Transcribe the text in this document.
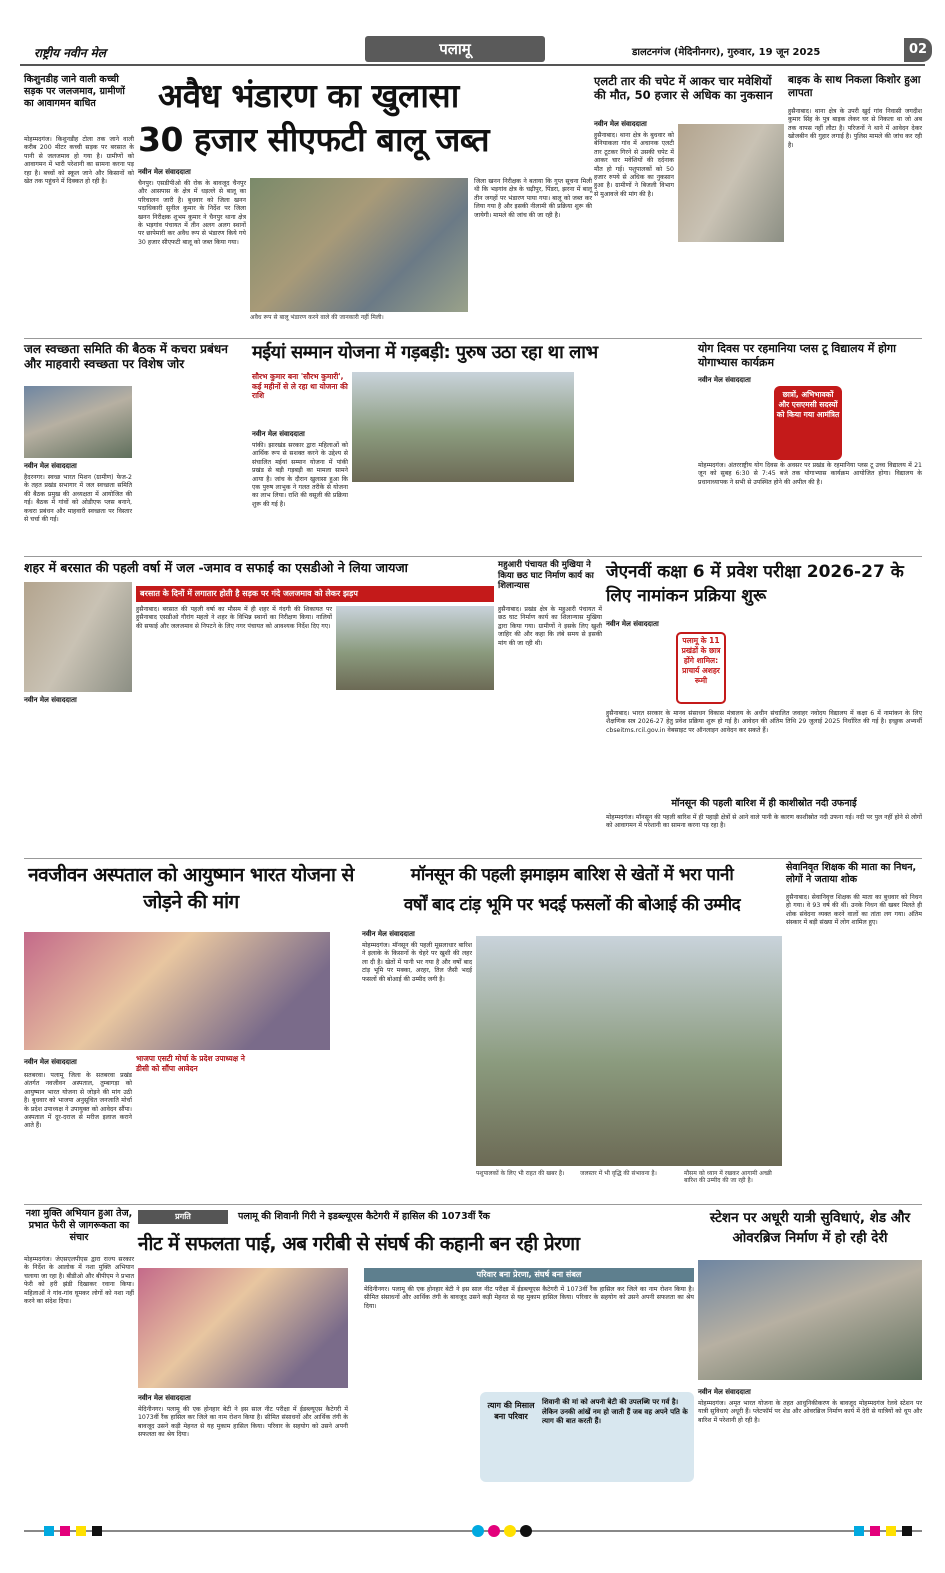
राष्ट्रीय नवीन मेल	पलामू	डालटनगंज (मेदिनीनगर), गुरुवार, 19 जून 2025	02
किशुनडीह जाने वाली कच्ची सड़क पर जलजमाव, ग्रामीणों का आवागमन बाधित
मोहम्मदगंज। किशुनडीह टोला तक जाने वाली करीब 200 मीटर कच्ची सड़क पर बरसात के पानी से जलजमाव हो गया है। ग्रामीणों को आवागमन में भारी परेशानी का सामना करना पड़ रहा है। बच्चों को स्कूल जाने और किसानों को खेत तक पहुंचने में दिक्कत हो रही है।
अवैध भंडारण का खुलासा
30 हजार सीएफटी बालू जब्त
नवीन मेल संवाददाता
चैनपुर। एसडीपीओ की रोक के बावजूद चैनपुर और आसपास के क्षेत्र में धड़ल्ले से बालू का परिचालन जारी है। बुधवार को जिला खनन पदाधिकारी सुनील कुमार के निर्देश पर जिला खनन निरीक्षक शुभम कुमार ने चैनपुर थाना क्षेत्र के भड़गांव पंचायत में तीन अलग अलग स्थानों पर छापेमारी कर अवैध रूप से भंडारण किये गये 30 हजार सीएफटी बालू को जब्त किया गया।
अवैध रूप से बालू भंडारण करने वाले की जानकारी नहीं मिली।
जिला खनन निरीक्षक ने बताया कि गुप्त सूचना मिली थी कि भड़गांव क्षेत्र के चढ़ीपुर, पिंडरा, झरना में बालू तीन जगहों पर भंडारण पाया गया। बालू को जब्त कर लिया गया है और इसकी नीलामी की प्रक्रिया शुरू की जायेगी। मामले की जांच की जा रही है।
एलटी तार की चपेट में आकर चार मवेशियों की मौत, 50 हजार से अधिक का नुकसान
नवीन मेल संवाददाता
हुसैनाबाद। थाना क्षेत्र के बुधवार को बेनियाकला गांव में अचानक एलटी तार टूटकर गिरने से उसकी चपेट में आकर चार मवेशियों की दर्दनाक मौत हो गई। पशुपालकों को 50 हजार रुपये से अधिक का नुकसान हुआ है। ग्रामीणों ने बिजली विभाग से मुआवजे की मांग की है।
बाइक के साथ निकला किशोर हुआ लापता
हुसैनाबाद। थाना क्षेत्र के उपरी खुर्द गांव निवासी जगदीश कुमार सिंह के पुत्र बाइक लेकर घर से निकला था जो अब तक वापस नहीं लौटा है। परिजनों ने थाने में आवेदन देकर खोजबीन की गुहार लगाई है। पुलिस मामले की जांच कर रही है।
जल स्वच्छता समिति की बैठक में कचरा प्रबंधन और माहवारी स्वच्छता पर विशेष जोर
नवीन मेल संवाददाता
हैदरनगर। स्वच्छ भारत मिशन (ग्रामीण) फेज-2 के तहत प्रखंड सभागार में जल स्वच्छता समिति की बैठक प्रमुख की अध्यक्षता में आयोजित की गई। बैठक में गांवों को ओडीएफ प्लस बनाने, कचरा प्रबंधन और माहवारी स्वच्छता पर विस्तार से चर्चा की गई।
मईयां सम्मान योजना में गड़बड़ी: पुरुष उठा रहा था लाभ
सौरभ कुमार बना 'सौरभ कुमारी', कई महीनों से ले रहा था योजना की राशि
नवीन मेल संवाददाता
पांकी। झारखंड सरकार द्वारा महिलाओं को आर्थिक रूप से सशक्त करने के उद्देश्य से संचालित मईयां सम्मान योजना में पांकी प्रखंड से बड़ी गड़बड़ी का मामला सामने आया है। जांच के दौरान खुलासा हुआ कि एक पुरुष लाभुक ने गलत तरीके से योजना का लाभ लिया। राशि की वसूली की प्रक्रिया शुरू की गई है।
योग दिवस पर रहमानिया प्लस टू विद्यालय में होगा योगाभ्यास कार्यक्रम
नवीन मेल संवाददाता
छात्रों, अभिभावकों और एसएमसी सदस्यों को किया गया आमंत्रित
मोहम्मदगंज। अंतरराष्ट्रीय योग दिवस के अवसर पर प्रखंड के रहमानिया प्लस टू उच्च विद्यालय में 21 जून को सुबह 6:30 से 7:45 बजे तक योगाभ्यास कार्यक्रम आयोजित होगा। विद्यालय के प्रधानाध्यापक ने सभी से उपस्थित होने की अपील की है।
शहर में बरसात की पहली वर्षा में जल -जमाव व सफाई का एसडीओ ने लिया जायजा
नवीन मेल संवाददाता
बरसात के दिनों में लगातार होती है सड़क पर गंदे जलजमाव को लेकर झड़प
हुसैनाबाद। बरसात की पहली वर्षा का मौसम में ही शहर में गंदगी की शिकायत पर हुसैनाबाद एसडीओ गौरांग महतो ने शहर के विभिन्न स्थानों का निरीक्षण किया। नालियों की सफाई और जलजमाव से निपटने के लिए नगर पंचायत को आवश्यक निर्देश दिए गए।
महुआरी पंचायत की मुखिया ने किया छठ घाट निर्माण कार्य का शिलान्यास
हुसैनाबाद। प्रखंड क्षेत्र के महुआरी पंचायत में छठ घाट निर्माण कार्य का शिलान्यास मुखिया द्वारा किया गया। ग्रामीणों ने इसके लिए खुशी जाहिर की और कहा कि लंबे समय से इसकी मांग की जा रही थी।
जेएनवीं कक्षा 6 में प्रवेश परीक्षा 2026-27 के लिए नामांकन प्रक्रिया शुरू
नवीन मेल संवाददाता
पलामू के 11 प्रखंडों के छात्र होंगे शामिल: प्राचार्य अशहर रूमी
हुसैनाबाद। भारत सरकार के मानव संसाधन विकास मंत्रालय के अधीन संचालित जवाहर नवोदय विद्यालय में कक्षा 6 में नामांकन के लिए शैक्षणिक सत्र 2026-27 हेतु प्रवेश प्रक्रिया शुरू हो गई है। आवेदन की अंतिम तिथि 29 जुलाई 2025 निर्धारित की गई है। इच्छुक अभ्यर्थी cbseitms.rcil.gov.in वेबसाइट पर ऑनलाइन आवेदन कर सकते हैं।
मॉनसून की पहली बारिश में ही काशीस्रोत नदी उफनाई
मोहम्मदगंज। मॉनसून की पहली बारिश में ही पहाड़ी क्षेत्रों से आने वाले पानी के कारण काशीस्रोत नदी उफना गई। नदी पर पुल नहीं होने से लोगों को आवागमन में परेशानी का सामना करना पड़ रहा है।
नवजीवन अस्पताल को आयुष्मान भारत योजना से जोड़ने की मांग
नवीन मेल संवाददाता	भाजपा एसटी मोर्चा के प्रदेश उपाध्यक्ष ने डीसी को सौंपा आवेदन
सतबरवा। पलामू जिला के सतबरवा प्रखंड अंतर्गत नवजीवन अस्पताल, तुम्बागड़ा को आयुष्मान भारत योजना से जोड़ने की मांग उठी है। बुधवार को भाजपा अनुसूचित जनजाति मोर्चा के प्रदेश उपाध्यक्ष ने उपायुक्त को आवेदन सौंपा। अस्पताल में दूर-दराज से मरीज इलाज कराने आते हैं।
मॉनसून की पहली झमाझम बारिश से खेतों में भरा पानी
वर्षों बाद टांड़ भूमि पर भदई फसलों की बोआई की उम्मीद
नवीन मेल संवाददाता
मोहम्मदगंज। मॉनसून की पहली मूसलाधार बारिश ने इलाके के किसानों के चेहरे पर खुशी की लहर ला दी है। खेतों में पानी भर गया है और वर्षों बाद टांड़ भूमि पर मक्का, अरहर, तिल जैसी भदई फसलों की बोआई की उम्मीद जगी है।
पशुपालकों के लिए भी राहत की खबर है।	जलस्तर में भी वृद्धि की संभावना है।	मौसम को ध्यान में रखकर आगामी अच्छी बारिश की उम्मीद की जा रही है।
सेवानिवृत शिक्षक की माता का निधन, लोगों ने जताया शोक
हुसैनाबाद। सेवानिवृत्त शिक्षक की माता का बुधवार को निधन हो गया। वे 93 वर्ष की थीं। उनके निधन की खबर मिलते ही शोक संवेदना व्यक्त करने वालों का तांता लग गया। अंतिम संस्कार में बड़ी संख्या में लोग शामिल हुए।
नशा मुक्ति अभियान हुआ तेज, प्रभात फेरी से जागरूकता का संचार
मोहम्मदगंज। जेएसएलपीएस द्वारा राज्य सरकार के निर्देश के आलोक में नशा मुक्ति अभियान चलाया जा रहा है। बीडीओ और बीपीएम ने प्रभात फेरी को हरी झंडी दिखाकर रवाना किया। महिलाओं ने गांव-गांव घूमकर लोगों को नशा नहीं करने का संदेश दिया।
प्रगति	पलामू की शिवानी गिरी ने इडब्ल्यूएस कैटेगरी में हासिल की 1073वीं रैंक
नीट में सफलता पाई, अब गरीबी से संघर्ष की कहानी बन रही प्रेरणा
परिवार बना प्रेरणा, संघर्ष बना संबल
मेदिनीनगर। पलामू की एक होनहार बेटी ने इस साल नीट परीक्षा में ईडब्ल्यूएस कैटेगरी में 1073वीं रैंक हासिल कर जिले का नाम रोशन किया है। सीमित संसाधनों और आर्थिक तंगी के बावजूद उसने कड़ी मेहनत से यह मुकाम हासिल किया। परिवार के सहयोग को उसने अपनी सफलता का श्रेय दिया।
नवीन मेल संवाददाता
मेदिनीनगर। पलामू की एक होनहार बेटी ने इस साल नीट परीक्षा में ईडब्ल्यूएस कैटेगरी में 1073वीं रैंक हासिल कर जिले का नाम रोशन किया है। सीमित संसाधनों और आर्थिक तंगी के बावजूद उसने कड़ी मेहनत से यह मुकाम हासिल किया। परिवार के सहयोग को उसने अपनी सफलता का श्रेय दिया।
त्याग की मिसाल बना परिवार
शिवानी की मां को अपनी बेटी की उपलब्धि पर गर्व है। लेकिन उनकी आंखें नम हो जाती हैं जब वह अपने पति के त्याग की बात करती हैं।
स्टेशन पर अधूरी यात्री सुविधाएं, शेड और ओवरब्रिज निर्माण में हो रही देरी
नवीन मेल संवाददाता
मोहम्मदगंज। अमृत भारत योजना के तहत आधुनिकीकरण के बावजूद मोहम्मदगंज रेलवे स्टेशन पर यात्री सुविधाएं अधूरी हैं। प्लेटफॉर्म पर शेड और ओवरब्रिज निर्माण कार्य में देरी से यात्रियों को धूप और बारिश में परेशानी हो रही है।
